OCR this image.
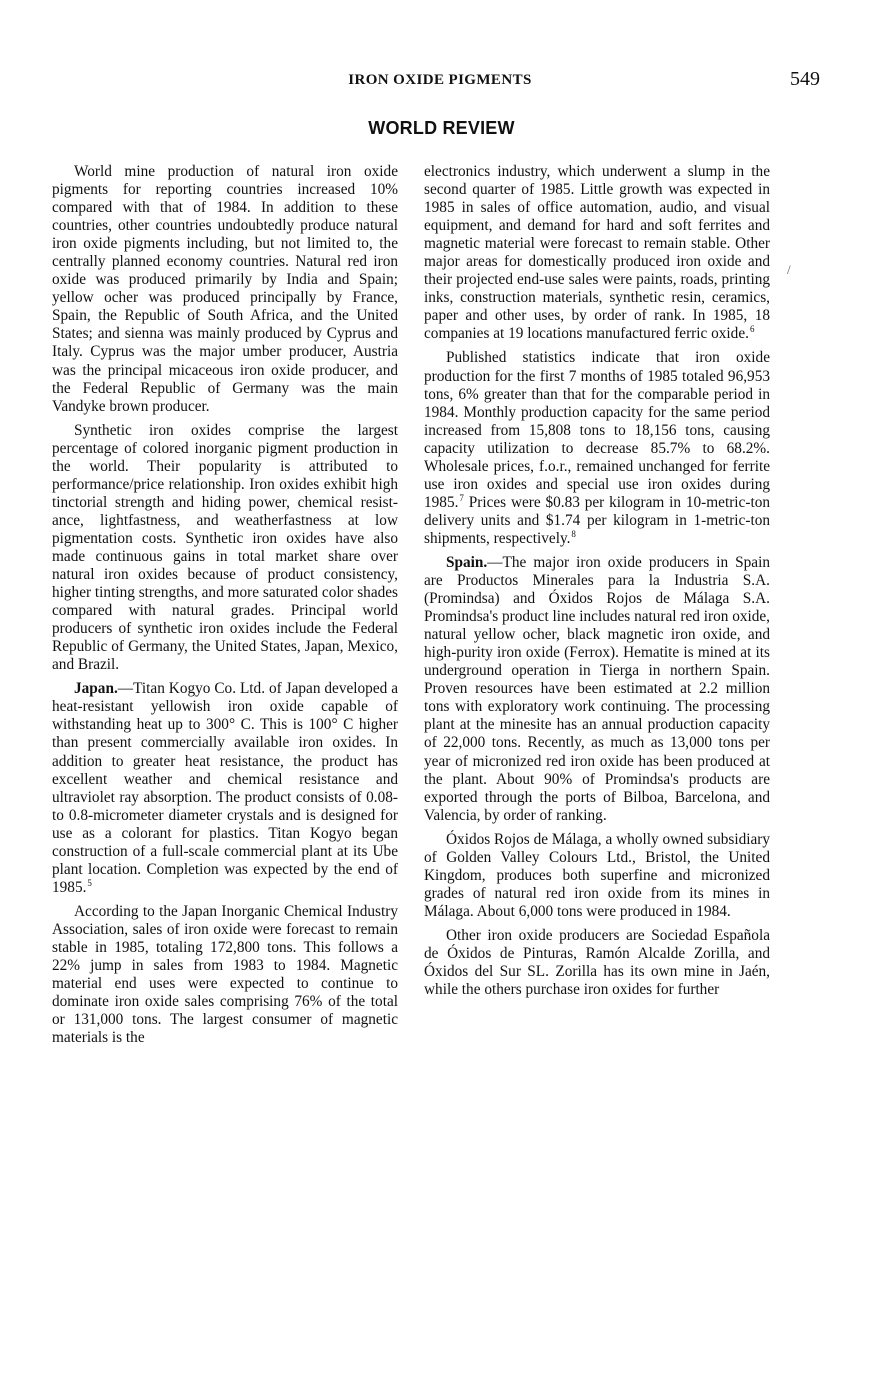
IRON OXIDE PIGMENTS	549
WORLD REVIEW

World mine production of natural iron oxide pigments for reporting countries increased 10% compared with that of 1984. In addition to these countries, other countries undoubtedly produce natural iron oxide pigments including, but not limited to, the centrally planned economy countries. Natural red iron oxide was produced primarily by India and Spain; yellow ocher was produced principally by France, Spain, the Republic of South Africa, and the United States; and sienna was mainly produced by Cyprus and Italy. Cyprus was the major umber producer, Austria was the principal micaceous iron oxide producer, and the Federal Republic of Germany was the main Vandyke brown producer.

Synthetic iron oxides comprise the largest percentage of colored inorganic pigment production in the world. Their popularity is attributed to performance/price relationship. Iron oxides exhibit high tinctorial strength and hiding power, chemical resistance, lightfastness, and weatherfastness at low pigmentation costs. Synthetic iron oxides have also made continuous gains in total market share over natural iron oxides because of product consistency, higher tinting strengths, and more saturated color shades compared with natural grades. Principal world producers of synthetic iron oxides include the Federal Republic of Germany, the United States, Japan, Mexico, and Brazil.

Japan.—Titan Kogyo Co. Ltd. of Japan developed a heat-resistant yellowish iron oxide capable of withstanding heat up to 300° C. This is 100° C higher than present commercially available iron oxides. In addition to greater heat resistance, the product has excellent weather and chemical resistance and ultraviolet ray absorption. The product consists of 0.08- to 0.8-micrometer diameter crystals and is designed for use as a colorant for plastics. Titan Kogyo began construction of a full-scale commercial plant at its Ube plant location. Completion was expected by the end of 1985.$^5$

According to the Japan Inorganic Chemical Industry Association, sales of iron oxide were forecast to remain stable in 1985, totaling 172,800 tons. This follows a 22% jump in sales from 1983 to 1984. Magnetic material end uses were expected to continue to dominate iron oxide sales comprising 76% of the total or 131,000 tons. The largest consumer of magnetic materials is the

electronics industry, which underwent a slump in the second quarter of 1985. Little growth was expected in 1985 in sales of office automation, audio, and visual equipment, and demand for hard and soft ferrites and magnetic material were forecast to remain stable. Other major areas for domestically produced iron oxide and their projected end-use sales were paints, roads, printing inks, construction materials, synthetic resin, ceramics, paper and other uses, by order of rank. In 1985, 18 companies at 19 locations manufactured ferric oxide.$^6$

Published statistics indicate that iron oxide production for the first 7 months of 1985 totaled 96,953 tons, 6% greater than that for the comparable period in 1984. Monthly production capacity for the same period increased from 15,808 tons to 18,156 tons, causing capacity utilization to decrease 85.7% to 68.2%. Wholesale prices, f.o.r., remained unchanged for ferrite use iron oxides and special use iron oxides during 1985.$^7$ Prices were $0.83 per kilogram in 10-metric-ton delivery units and $1.74 per kilogram in 1-metric-ton shipments, respectively.$^8$

Spain.—The major iron oxide producers in Spain are Productos Minerales para la Industria S.A. (Promindsa) and Óxidos Rojos de Málaga S.A. Promindsa's product line includes natural red iron oxide, natural yellow ocher, black magnetic iron oxide, and high-purity iron oxide (Ferrox). Hematite is mined at its underground operation in Tierga in northern Spain. Proven resources have been estimated at 2.2 million tons with exploratory work continuing. The processing plant at the minesite has an annual production capacity of 22,000 tons. Recently, as much as 13,000 tons per year of micronized red iron oxide has been produced at the plant. About 90% of Promindsa's products are exported through the ports of Bilboa, Barcelona, and Valencia, by order of ranking.

Óxidos Rojos de Málaga, a wholly owned subsidiary of Golden Valley Colours Ltd., Bristol, the United Kingdom, produces both superfine and micronized grades of natural red iron oxide from its mines in Málaga. About 6,000 tons were produced in 1984.

Other iron oxide producers are Sociedad Española de Óxidos de Pinturas, Ramón Alcalde Zorilla, and Óxidos del Sur SL. Zorilla has its own mine in Jaén, while the others purchase iron oxides for further

/
